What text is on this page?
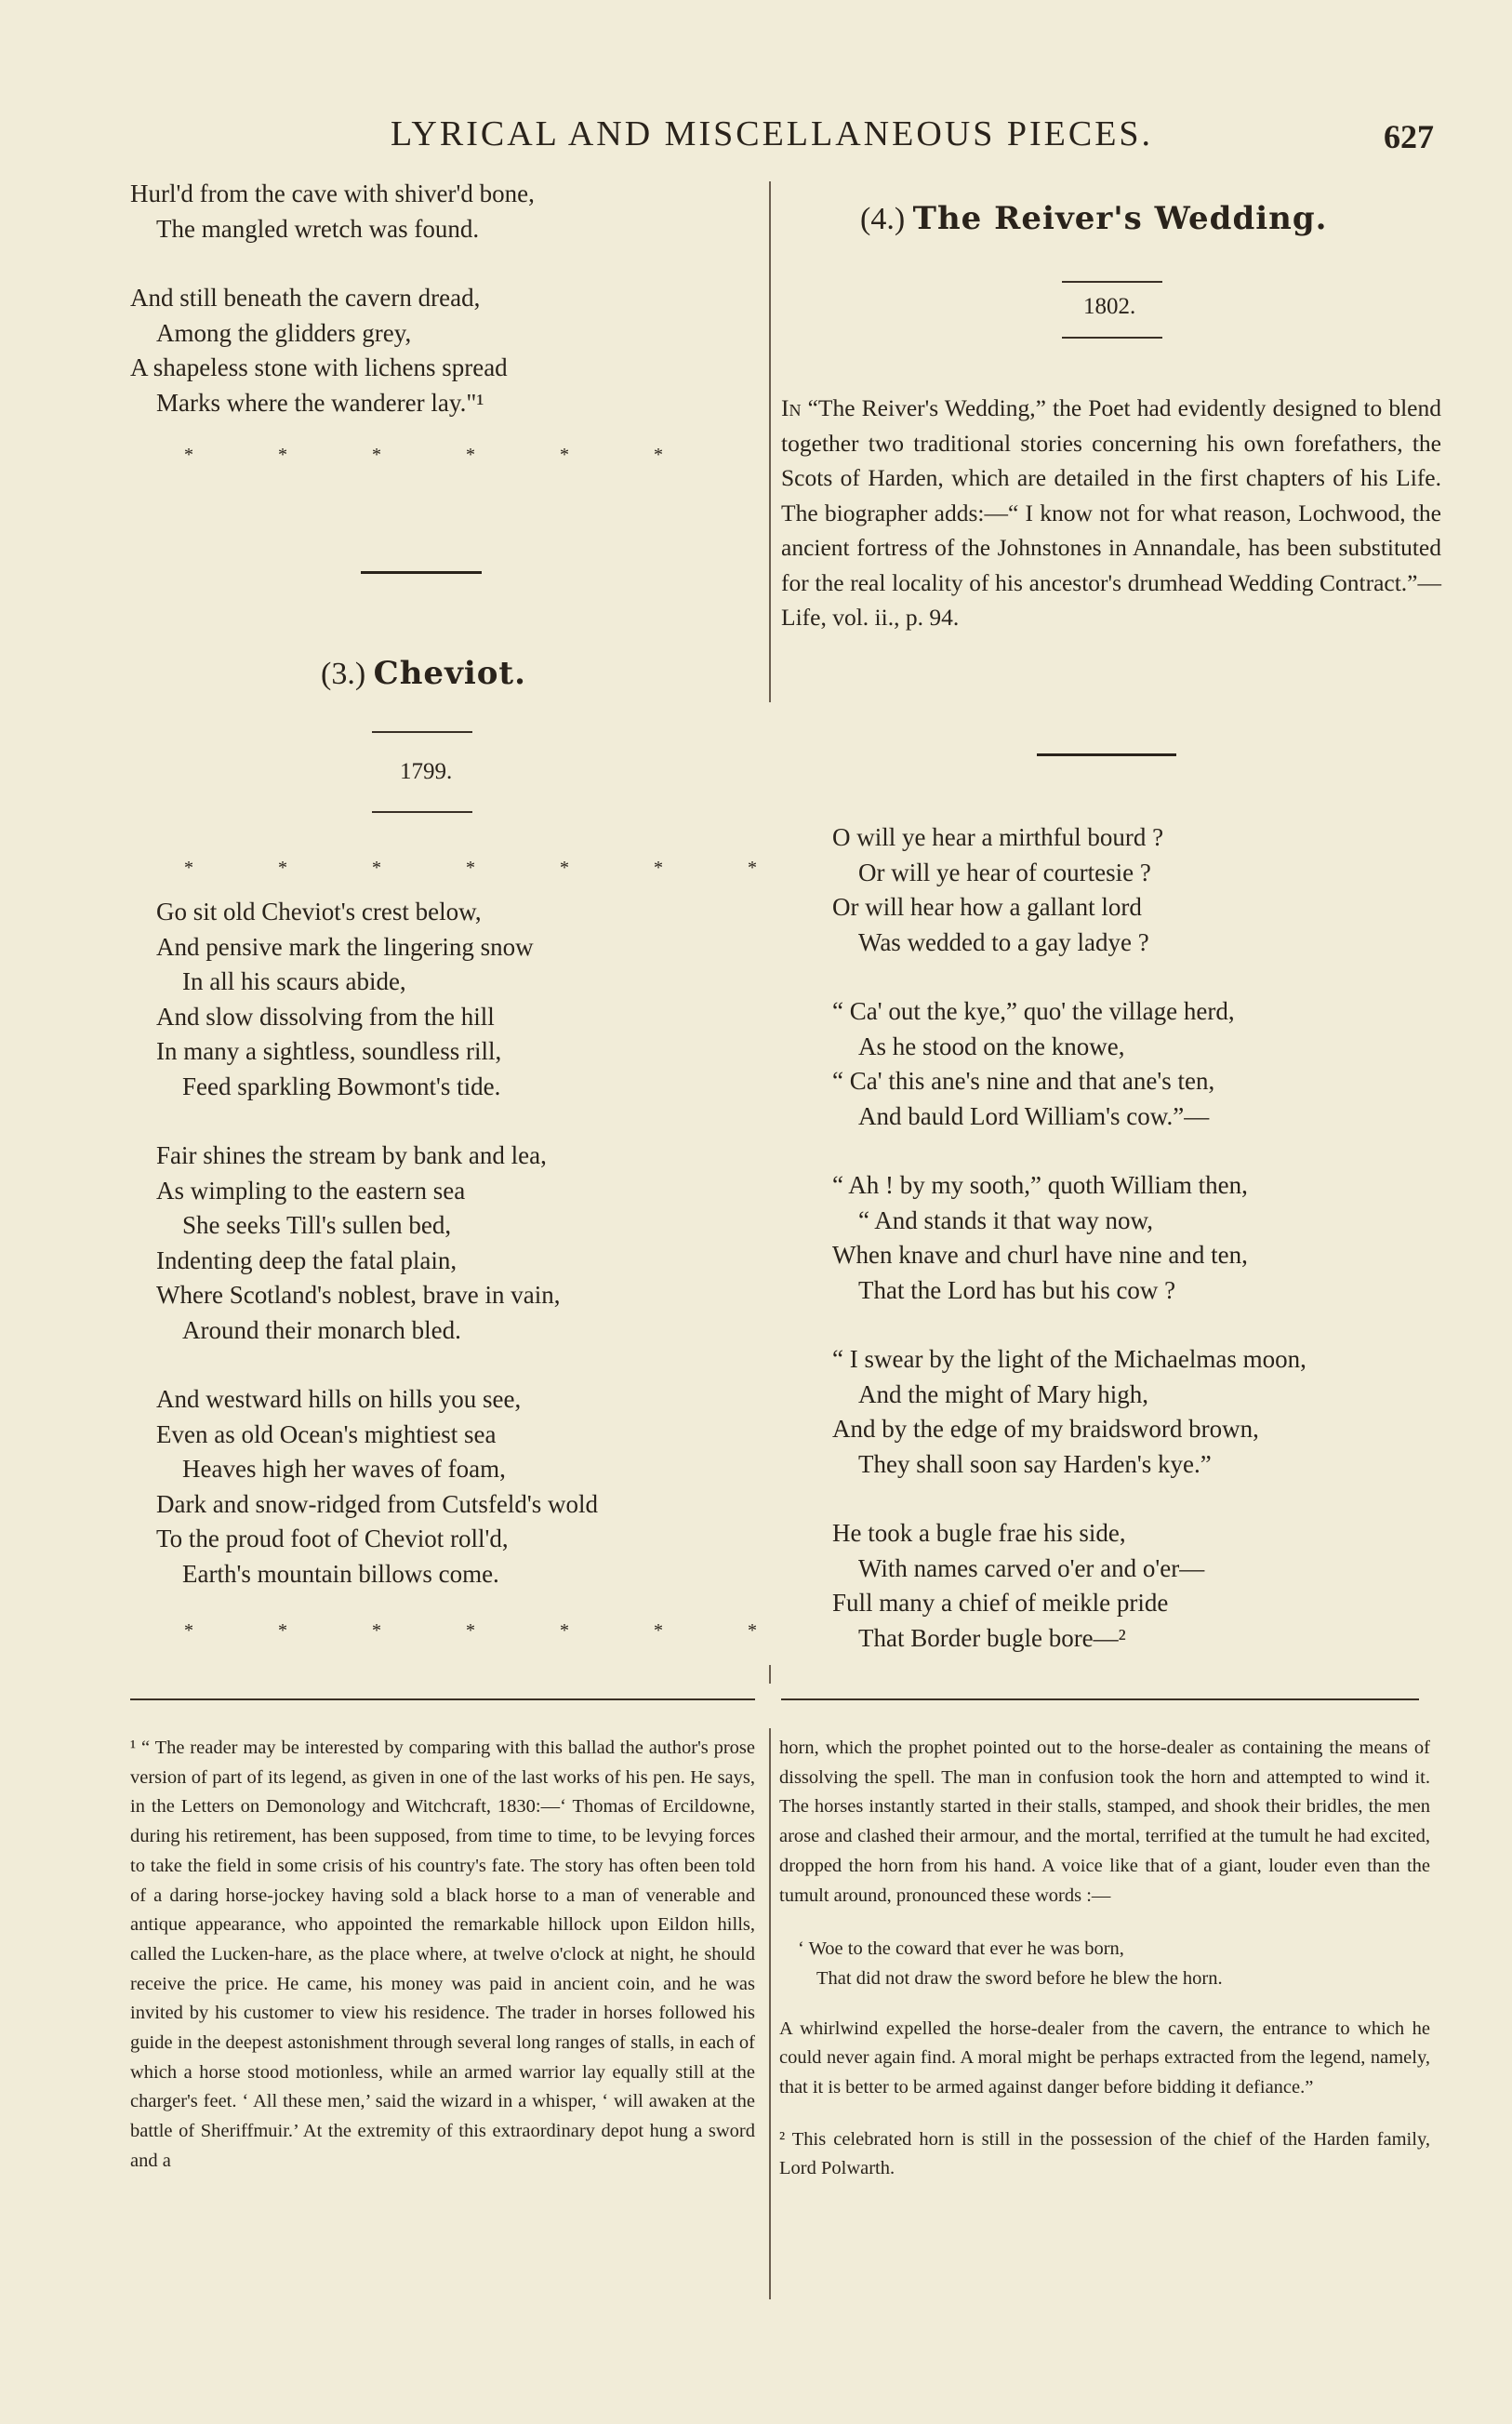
LYRICAL AND MISCELLANEOUS PIECES.	627

Hurl'd from the cave with shiver'd bone,

The mangled wretch was found.

And still beneath the cavern dread,

Among the glidders grey,

A shapeless stone with lichens spread

Marks where the wanderer lay."¹

* * * * * *
(3.) Cheviot.
1799.
* * * * * * *

Go sit old Cheviot's crest below,

And pensive mark the lingering snow

In all his scaurs abide,

And slow dissolving from the hill

In many a sightless, soundless rill,

Feed sparkling Bowmont's tide.

Fair shines the stream by bank and lea,

As wimpling to the eastern sea

She seeks Till's sullen bed,

Indenting deep the fatal plain,

Where Scotland's noblest, brave in vain,

Around their monarch bled.

And westward hills on hills you see,

Even as old Ocean's mightiest sea

Heaves high her waves of foam,

Dark and snow-ridged from Cutsfeld's wold

To the proud foot of Cheviot roll'd,

Earth's mountain billows come.

* * * * * * *
(4.) The Reiver's Wedding.
1802.

In “The Reiver's Wedding,” the Poet had evidently designed to blend together two traditional stories concerning his own forefathers, the Scots of Harden, which are detailed in the first chapters of his Life. The biographer adds:—“ I know not for what reason, Lochwood, the ancient fortress of the Johnstones in Annandale, has been substituted for the real locality of his ancestor's drumhead Wedding Contract.”— Life, vol. ii., p. 94.

O will ye hear a mirthful bourd ?

Or will ye hear of courtesie ?

Or will hear how a gallant lord

Was wedded to a gay ladye ?

“ Ca' out the kye,” quo' the village herd,

As he stood on the knowe,

“ Ca' this ane's nine and that ane's ten,

And bauld Lord William's cow.”—

“ Ah ! by my sooth,” quoth William then,

“ And stands it that way now,

When knave and churl have nine and ten,

That the Lord has but his cow ?

“ I swear by the light of the Michaelmas moon,

And the might of Mary high,

And by the edge of my braidsword brown,

They shall soon say Harden's kye.”

He took a bugle frae his side,

With names carved o'er and o'er—

Full many a chief of meikle pride

That Border bugle bore—²

¹ “ The reader may be interested by comparing with this ballad the author's prose version of part of its legend, as given in one of the last works of his pen. He says, in the Letters on Demonology and Witchcraft, 1830:—‘ Thomas of Ercildowne, during his retirement, has been supposed, from time to time, to be levying forces to take the field in some crisis of his country's fate. The story has often been told of a daring horse-jockey having sold a black horse to a man of venerable and antique appearance, who appointed the remarkable hillock upon Eildon hills, called the Lucken-hare, as the place where, at twelve o'clock at night, he should receive the price. He came, his money was paid in ancient coin, and he was invited by his customer to view his residence. The trader in horses followed his guide in the deepest astonishment through several long ranges of stalls, in each of which a horse stood motionless, while an armed warrior lay equally still at the charger's feet. ‘ All these men,’ said the wizard in a whisper, ‘ will awaken at the battle of Sheriffmuir.’ At the extremity of this extraordinary depot hung a sword and a

horn, which the prophet pointed out to the horse-dealer as containing the means of dissolving the spell. The man in confusion took the horn and attempted to wind it. The horses instantly started in their stalls, stamped, and shook their bridles, the men arose and clashed their armour, and the mortal, terrified at the tumult he had excited, dropped the horn from his hand. A voice like that of a giant, louder even than the tumult around, pronounced these words :—

‘ Woe to the coward that ever he was born,

That did not draw the sword before he blew the horn.

A whirlwind expelled the horse-dealer from the cavern, the entrance to which he could never again find. A moral might be perhaps extracted from the legend, namely, that it is better to be armed against danger before bidding it defiance.”

² This celebrated horn is still in the possession of the chief of the Harden family, Lord Polwarth.
